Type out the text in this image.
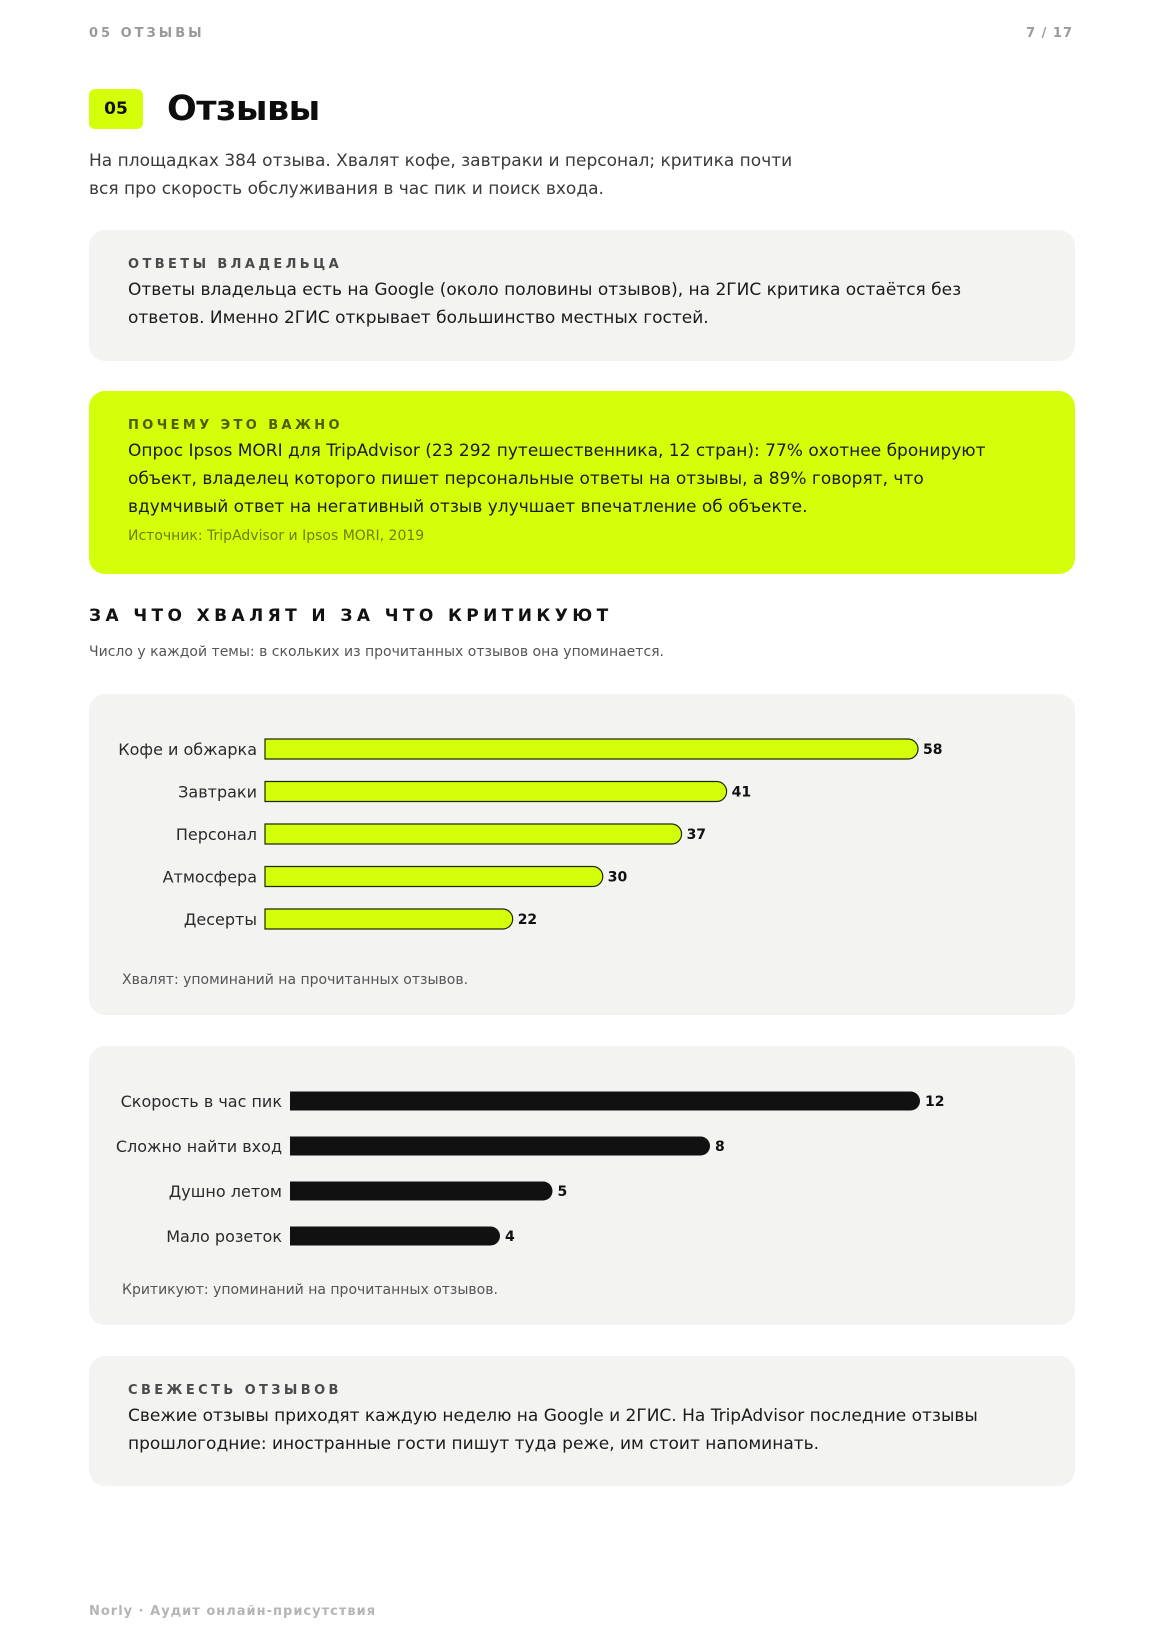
05 ОТЗЫВЫ	7 / 17
05	Отзывы

На площадках 384 отзыва. Хвалят кофе, завтраки и персонал; критика почти вся про скорость обслуживания в час пик и поиск входа.

ОТВЕТЫ ВЛАДЕЛЬЦА

Ответы владельца есть на Google (около половины отзывов), на 2ГИС критика остаётся без ответов. Именно 2ГИС открывает большинство местных гостей.

ПОЧЕМУ ЭТО ВАЖНО

Опрос Ipsos MORI для TripAdvisor (23 292 путешественника, 12 стран): 77% охотнее бронируют объект, владелец которого пишет персональные ответы на отзывы, а 89% говорят, что вдумчивый ответ на негативный отзыв улучшает впечатление об объекте.

Источник: TripAdvisor и Ipsos MORI, 2019
ЗА ЧТО ХВАЛЯТ И ЗА ЧТО КРИТИКУЮТ
Число у каждой темы: в скольких из прочитанных отзывов она упоминается.
Кофе и обжарка	58
Завтраки	41
Персонал	37
Атмосфера	30
Десерты	22
Хвалят: упоминаний на прочитанных отзывов.
Скорость в час пик	12
Сложно найти вход	8
Душно летом	5
Мало розеток	4
Критикуют: упоминаний на прочитанных отзывов.
СВЕЖЕСТЬ ОТЗЫВОВ

Свежие отзывы приходят каждую неделю на Google и 2ГИС. На TripAdvisor последние отзывы прошлогодние: иностранные гости пишут туда реже, им стоит напоминать.

Norly · Аудит онлайн-присутствия
